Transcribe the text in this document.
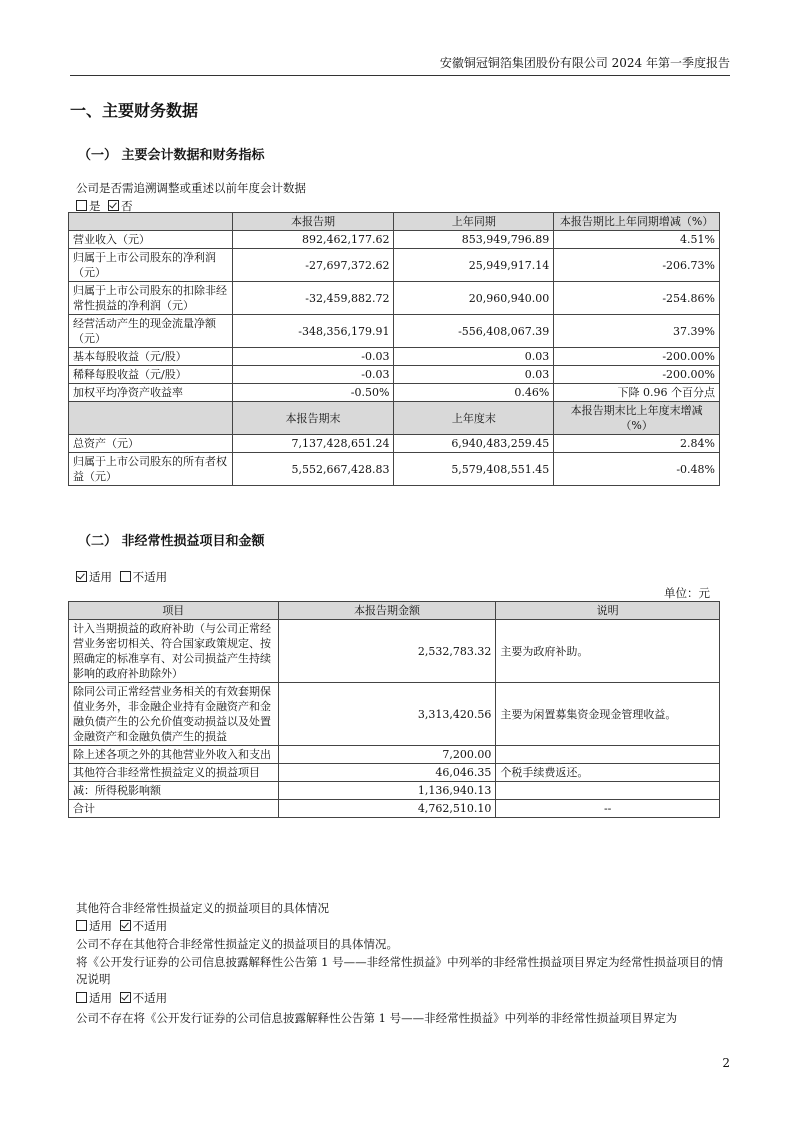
安徽铜冠铜箔集团股份有限公司 2024 年第一季度报告
一、主要财务数据
（一） 主要会计数据和财务指标
公司是否需追溯调整或重述以前年度会计数据
是 否
	本报告期	上年同期	本报告期比上年同期增减（%）
营业收入（元）	892,462,177.62	853,949,796.89	4.51%
归属于上市公司股东的净利润（元）	-27,697,372.62	25,949,917.14	-206.73%
归属于上市公司股东的扣除非经常性损益的净利润（元）	-32,459,882.72	20,960,940.00	-254.86%
经营活动产生的现金流量净额（元）	-348,356,179.91	-556,408,067.39	37.39%
基本每股收益（元/股）	-0.03	0.03	-200.00%
稀释每股收益（元/股）	-0.03	0.03	-200.00%
加权平均净资产收益率	-0.50%	0.46%	下降 0.96 个百分点
	本报告期末	上年度末	本报告期末比上年度末增减（%）
总资产（元）	7,137,428,651.24	6,940,483,259.45	2.84%
归属于上市公司股东的所有者权益（元）	5,552,667,428.83	5,579,408,551.45	-0.48%
（二） 非经常性损益项目和金额
适用 不适用
单位：元
项目	本报告期金额	说明
计入当期损益的政府补助（与公司正常经营业务密切相关、符合国家政策规定、按照确定的标准享有、对公司损益产生持续影响的政府补助除外）	2,532,783.32	主要为政府补助。
除同公司正常经营业务相关的有效套期保值业务外，非金融企业持有金融资产和金融负债产生的公允价值变动损益以及处置金融资产和金融负债产生的损益	3,313,420.56	主要为闲置募集资金现金管理收益。
除上述各项之外的其他营业外收入和支出	7,200.00	
其他符合非经常性损益定义的损益项目	46,046.35	个税手续费返还。
减：所得税影响额	1,136,940.13	
合计	4,762,510.10	--
其他符合非经常性损益定义的损益项目的具体情况
适用 不适用
公司不存在其他符合非经常性损益定义的损益项目的具体情况。
将《公开发行证券的公司信息披露解释性公告第 1 号——非经常性损益》中列举的非经常性损益项目界定为经常性损益项目的情况说明
适用 不适用
公司不存在将《公开发行证券的公司信息披露解释性公告第 1 号——非经常性损益》中列举的非经常性损益项目界定为
2
